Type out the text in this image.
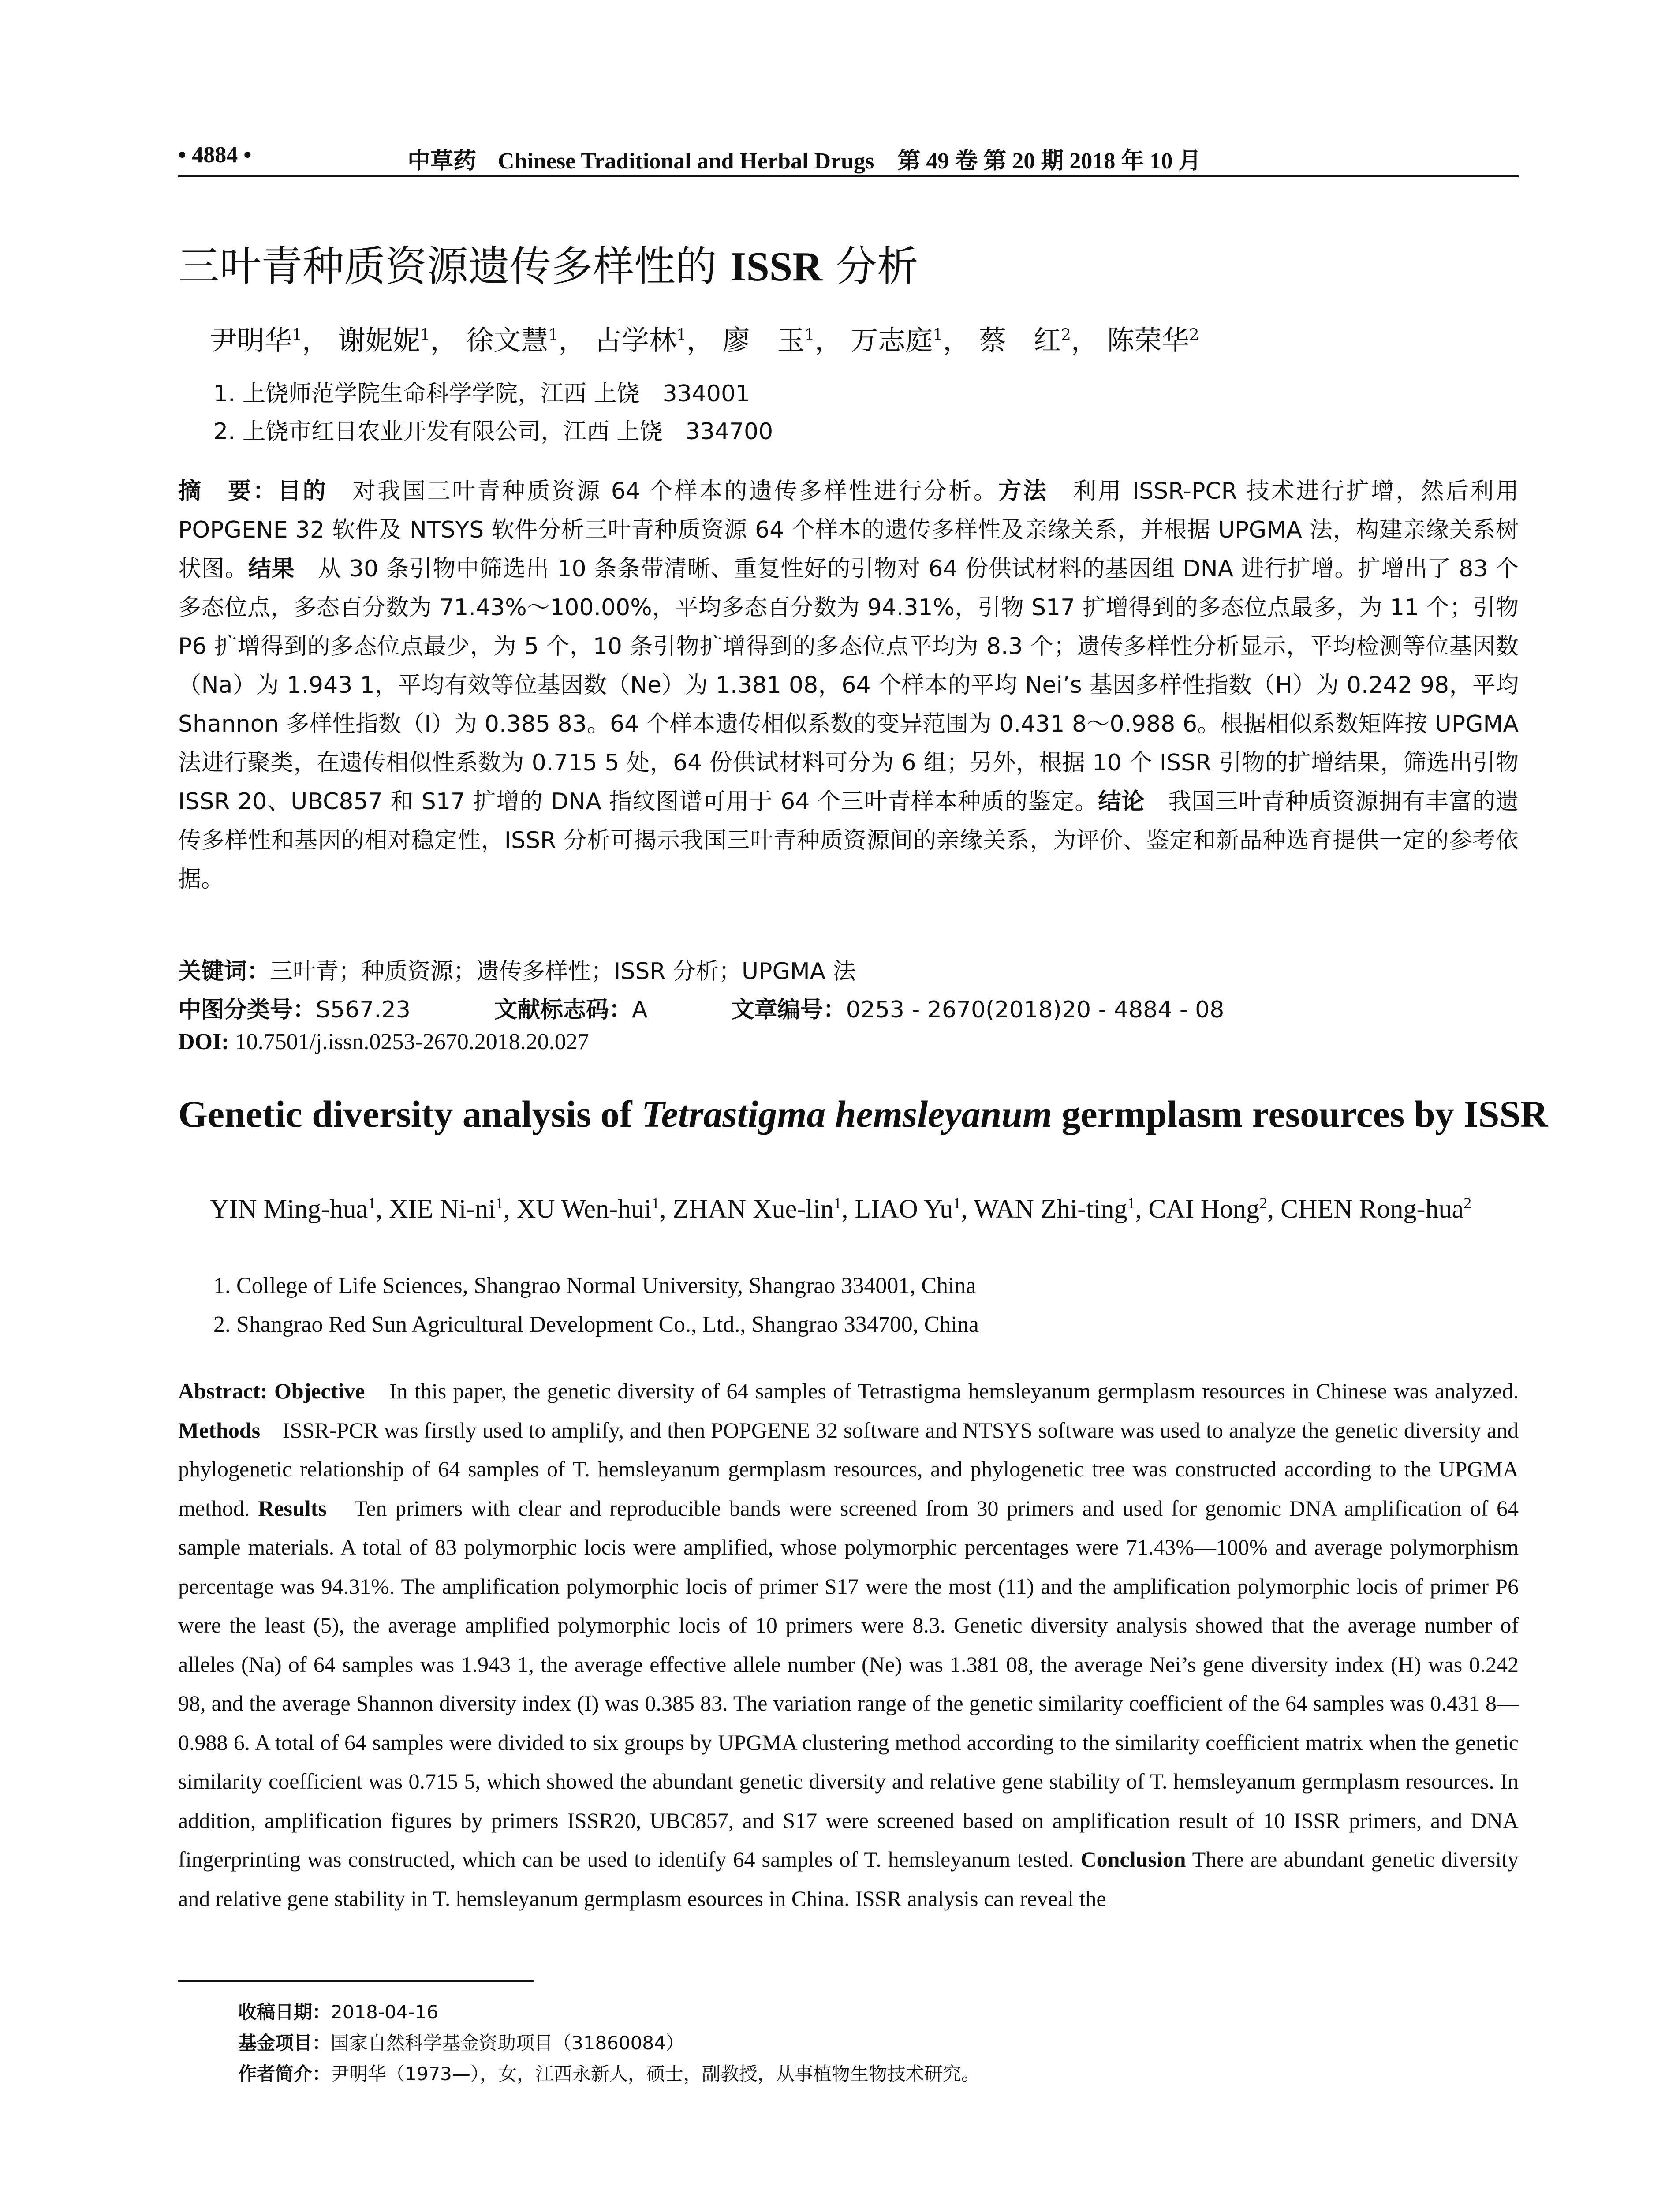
• 4884 •	中草药 Chinese Traditional and Herbal Drugs 第 49 卷 第 20 期 2018 年 10 月
三叶青种质资源遗传多样性的 ISSR 分析
尹明华$^1$， 谢妮妮$^1$， 徐文慧$^1$， 占学林$^1$， 廖　玉$^1$， 万志庭$^1$， 蔡　红$^2$， 陈荣华$^2$
1. 上饶师范学院生命科学学院，江西 上饶　334001
2. 上饶市红日农业开发有限公司，江西 上饶　334700
摘　要：目的　对我国三叶青种质资源 64 个样本的遗传多样性进行分析。方法　利用 ISSR-PCR 技术进行扩增，然后利用 POPGENE 32 软件及 NTSYS 软件分析三叶青种质资源 64 个样本的遗传多样性及亲缘关系，并根据 UPGMA 法，构建亲缘关系树状图。结果　从 30 条引物中筛选出 10 条条带清晰、重复性好的引物对 64 份供试材料的基因组 DNA 进行扩增。扩增出了 83 个多态位点，多态百分数为 71.43%～100.00%，平均多态百分数为 94.31%，引物 S17 扩增得到的多态位点最多，为 11 个；引物 P6 扩增得到的多态位点最少，为 5 个，10 条引物扩增得到的多态位点平均为 8.3 个；遗传多样性分析显示，平均检测等位基因数（Na）为 1.943 1，平均有效等位基因数（Ne）为 1.381 08，64 个样本的平均 Nei’s 基因多样性指数（H）为 0.242 98，平均 Shannon 多样性指数（I）为 0.385 83。64 个样本遗传相似系数的变异范围为 0.431 8～0.988 6。根据相似系数矩阵按 UPGMA 法进行聚类，在遗传相似性系数为 0.715 5 处，64 份供试材料可分为 6 组；另外，根据 10 个 ISSR 引物的扩增结果，筛选出引物 ISSR 20、UBC857 和 S17 扩增的 DNA 指纹图谱可用于 64 个三叶青样本种质的鉴定。结论　我国三叶青种质资源拥有丰富的遗传多样性和基因的相对稳定性，ISSR 分析可揭示我国三叶青种质资源间的亲缘关系，为评价、鉴定和新品种选育提供一定的参考依据。
关键词：三叶青；种质资源；遗传多样性；ISSR 分析；UPGMA 法
中图分类号：S567.23	文献标志码：A	文章编号：0253 - 2670(2018)20 - 4884 - 08
DOI: 10.7501/j.issn.0253-2670.2018.20.027
Genetic diversity analysis of Tetrastigma hemsleyanum germplasm resources by ISSR
YIN Ming-hua$^1$, XIE $Ni-ni^1$, XU Wen-hui$^1$, ZHAN Xue-lin$^1$, LIAO Yu$^1$, WAN Zhi-ting$^1$, CAI Hong$^2$, CHEN Rong-hua$^2$
1. College of Life Sciences, Shangrao Normal University, Shangrao 334001, China
2. Shangrao Red Sun Agricultural Development Co., Ltd., Shangrao 334700, China
Abstract: Objective　In this paper, the genetic diversity of 64 samples of Tetrastigma hemsleyanum germplasm resources in Chinese was analyzed. Methods　ISSR-PCR was firstly used to amplify, and then POPGENE 32 software and NTSYS software was used to analyze the genetic diversity and phylogenetic relationship of 64 samples of T. hemsleyanum germplasm resources, and phylogenetic tree was constructed according to the UPGMA method. Results　Ten primers with clear and reproducible bands were screened from 30 primers and used for genomic DNA amplification of 64 sample materials. A total of 83 polymorphic locis were amplified, whose polymorphic percentages were 71.43%—100% and average polymorphism percentage was 94.31%. The amplification polymorphic locis of primer S17 were the most (11) and the amplification polymorphic locis of primer P6 were the least (5), the average amplified polymorphic locis of 10 primers were 8.3. Genetic diversity analysis showed that the average number of alleles (Na) of 64 samples was 1.943 1, the average effective allele number (Ne) was 1.381 08, the average Nei’s gene diversity index (H) was 0.242 98, and the average Shannon diversity index (I) was 0.385 83. The variation range of the genetic similarity coefficient of the 64 samples was 0.431 8—0.988 6. A total of 64 samples were divided to six groups by UPGMA clustering method according to the similarity coefficient matrix when the genetic similarity coefficient was 0.715 5, which showed the abundant genetic diversity and relative gene stability of T. hemsleyanum germplasm resources. In addition, amplification figures by primers ISSR20, UBC857, and S17 were screened based on amplification result of 10 ISSR primers, and DNA fingerprinting was constructed, which can be used to identify 64 samples of T. hemsleyanum tested. Conclusion There are abundant genetic diversity and relative gene stability in T. hemsleyanum germplasm esources in China. ISSR analysis can reveal the
收稿日期：2018-04-16
基金项目：国家自然科学基金资助项目（31860084）
作者简介：尹明华（1973—），女，江西永新人，硕士，副教授，从事植物生物技术研究。
